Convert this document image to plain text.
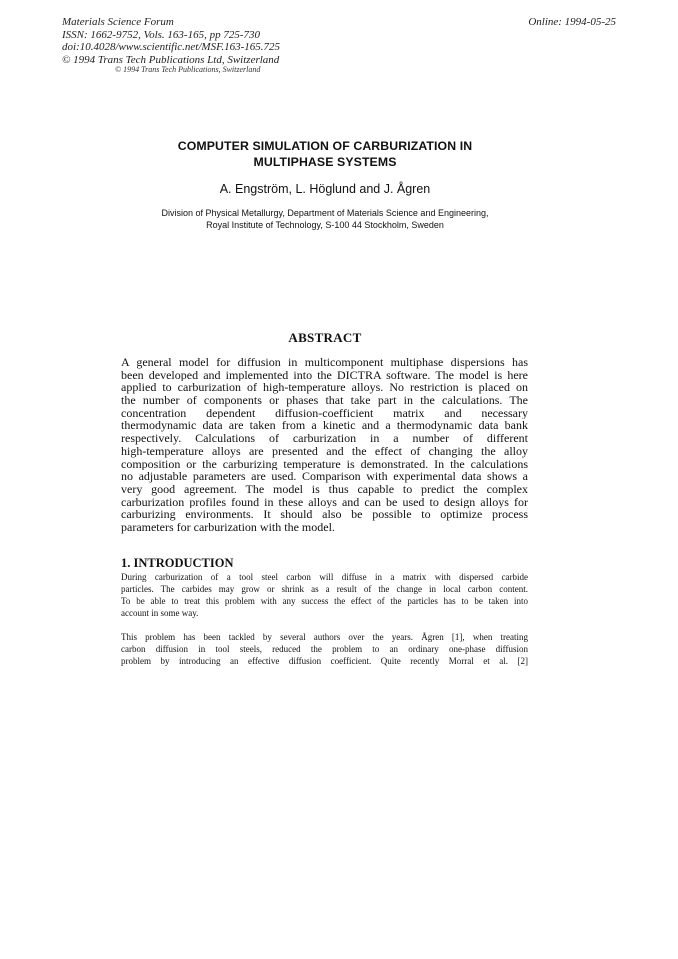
Materials Science Forum
ISSN: 1662-9752, Vols. 163-165, pp 725-730
doi:10.4028/www.scientific.net/MSF.163-165.725
© 1994 Trans Tech Publications Ltd, Switzerland
Online: 1994-05-25
© 1994 Trans Tech Publications, Switzerland
COMPUTER SIMULATION OF CARBURIZATION IN
MULTIPHASE SYSTEMS
A. Engström, L. Höglund and J. Ågren
Division of Physical Metallurgy, Department of Materials Science and Engineering,
Royal Institute of Technology, S-100 44 Stockholm, Sweden
ABSTRACT
A general model for diffusion in multicomponent multiphase dispersions has
been developed and implemented into the DICTRA software. The model is here
applied to carburization of high-temperature alloys. No restriction is placed on
the number of components or phases that take part in the calculations. The
concentration dependent diffusion-coefficient matrix and necessary
thermodynamic data are taken from a kinetic and a thermodynamic data bank
respectively. Calculations of carburization in a number of different
high-temperature alloys are presented and the effect of changing the alloy
composition or the carburizing temperature is demonstrated. In the calculations
no adjustable parameters are used. Comparison with experimental data shows a
very good agreement. The model is thus capable to predict the complex
carburization profiles found in these alloys and can be used to design alloys for
carburizing environments. It should also be possible to optimize process
parameters for carburization with the model.
1. INTRODUCTION
During carburization of a tool steel carbon will diffuse in a matrix with dispersed carbide
particles. The carbides may grow or shrink as a result of the change in local carbon content.
To be able to treat this problem with any success the effect of the particles has to be taken into
account in some way.
This problem has been tackled by several authors over the years. Ågren [1], when treating
carbon diffusion in tool steels, reduced the problem to an ordinary one-phase diffusion
problem by introducing an effective diffusion coefficient. Quite recently Morral et al. [2]
